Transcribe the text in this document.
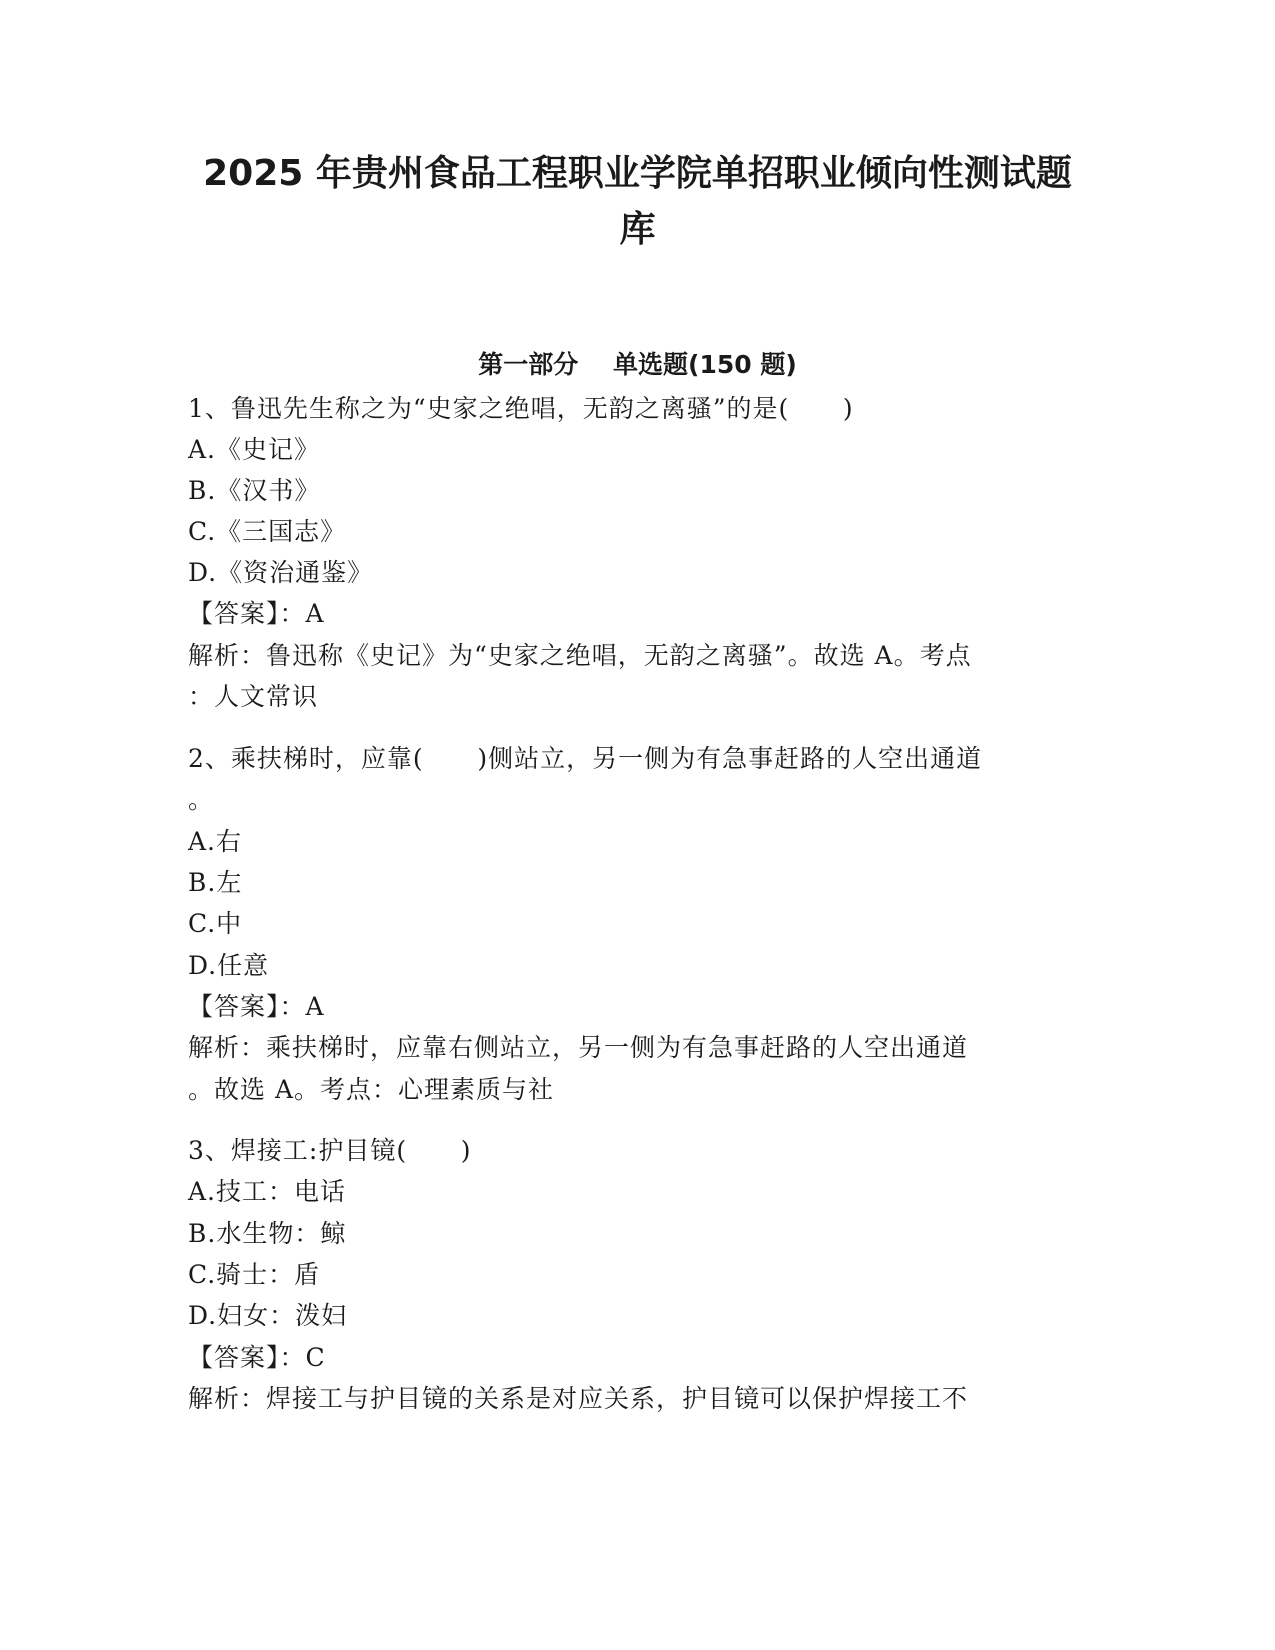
2025 年贵州食品工程职业学院单招职业倾向性测试题
库
第一部分    单选题(150 题)
1、鲁迅先生称之为“史家之绝唱，无韵之离骚”的是(      )
A.《史记》
B.《汉书》
C.《三国志》
D.《资治通鉴》
【答案】：A
解析：鲁迅称《史记》为“史家之绝唱，无韵之离骚”。故选 A。考点
：人文常识
2、乘扶梯时，应靠(      )侧站立，另一侧为有急事赶路的人空出通道
。
A.右
B.左
C.中
D.任意
【答案】：A
解析：乘扶梯时，应靠右侧站立，另一侧为有急事赶路的人空出通道
。故选 A。考点：心理素质与社
3、焊接工:护目镜(      )
A.技工：电话
B.水生物：鲸
C.骑士：盾
D.妇女：泼妇
【答案】：C
解析：焊接工与护目镜的关系是对应关系，护目镜可以保护焊接工不
